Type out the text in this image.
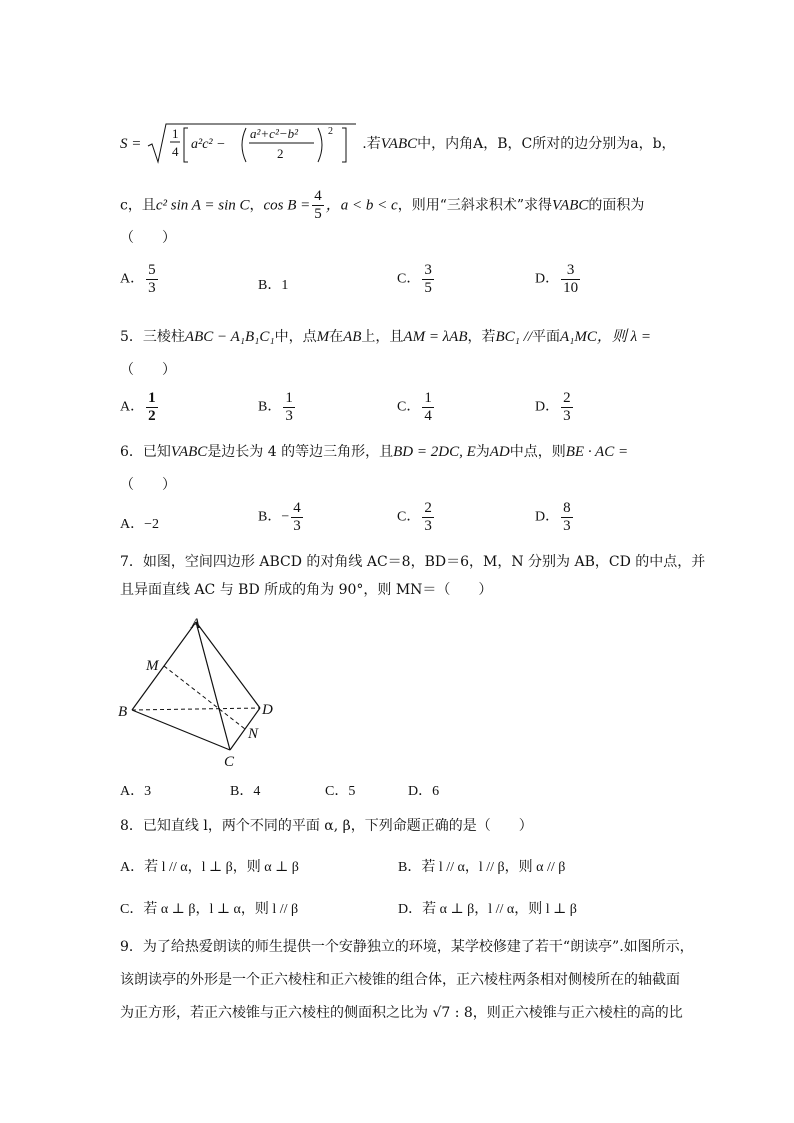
S =
1
4 a²c² −
a²+c²−b²
2
2
.若VABC中，内角A，B，C所对的边分别为a，b，
c，且c² sin A = sin C，$\cos B = \frac{4}{5}$ ，a < b < c，则用“三斜求积术”求得VABC的面积为
（　　）
A． $\frac{5}{3}$	B．1	C． $\frac{3}{5}$	D． $\frac{3}{10}$
5．三棱柱ABC − A₁B₁C₁中，点M在AB上，且AM = λAB，若BC₁ //平面A₁MC，则 λ =
（　　）
A． $\frac{1}{2}$	B． $\frac{1}{3}$	C． $\frac{1}{4}$	D． $\frac{2}{3}$
6．已知VABC是边长为 4 的等边三角形，且BD = 2DC, E为AD中点，则BE · AC =
（　　）
A．−2	B．− $\frac{4}{3}$	C． $\frac{2}{3}$	D． $\frac{8}{3}$
7．如图，空间四边形 ABCD 的对角线 AC＝8，BD＝6，M，N 分别为 AB，CD 的中点，并
且异面直线 AC 与 BD 所成的角为 90°，则 MN＝（　　）
A
M
B	D
N
C
A．3	B．4	C．5	D．6
8．已知直线 l，两个不同的平面 α, β，下列命题正确的是（　　）
A．若 l // α，l ⊥ β，则 α ⊥ β	B．若 l // α，l // β，则 α // β
C．若 α ⊥ β，l ⊥ α，则 l // β	D．若 α ⊥ β，l // α，则 l ⊥ β
9．为了给热爱朗读的师生提供一个安静独立的环境，某学校修建了若干“朗读亭”.如图所示，
该朗读亭的外形是一个正六棱柱和正六棱锥的组合体，正六棱柱两条相对侧棱所在的轴截面
为正方形，若正六棱锥与正六棱柱的侧面积之比为 √7 : 8，则正六棱锥与正六棱柱的高的比
